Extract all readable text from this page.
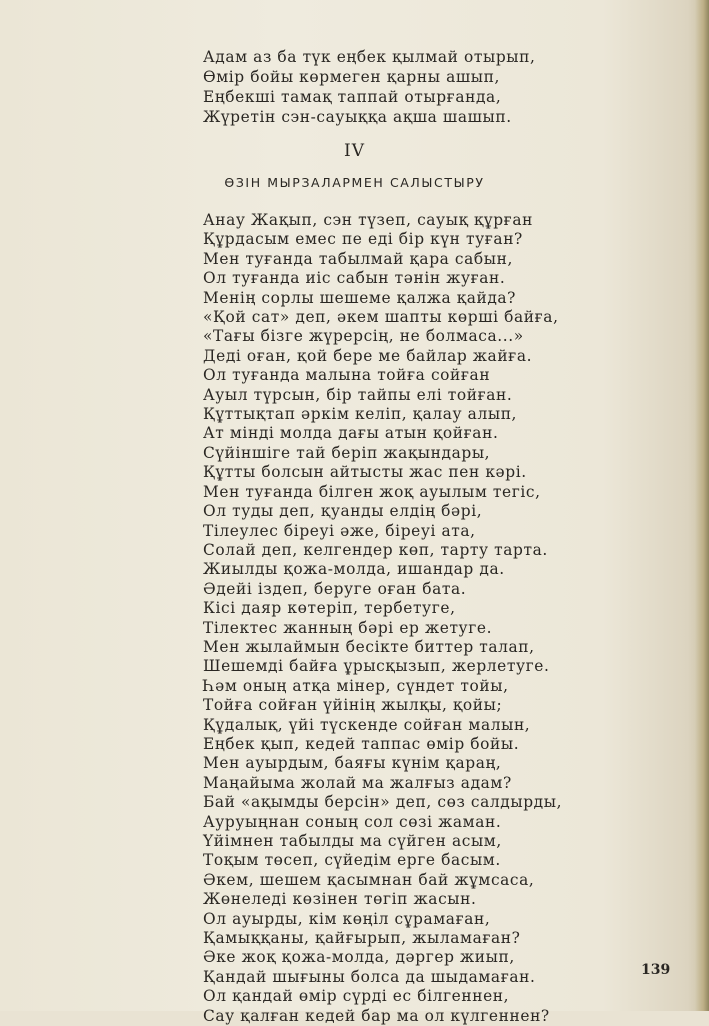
Адам аз ба түк еңбек қылмай отырып,
Өмір бойы көрмеген қарны ашып,
Еңбекші тамақ таппай отырғанда,
Жүретін сэн-сауыққа ақша шашып.
IV
ӨЗІН МЫРЗАЛАРМЕН САЛЫСТЫРУ
Анау Жақып, сэн түзеп, сауық құрған
Құрдасым емес пе еді бір күн туған?
Мен туғанда табылмай қара сабын,
Ол туғанда иіс сабын тәнін жуған.
Менің сорлы шешеме қалжа қайда?
«Қой сат» деп, әкем шапты көрші байға,
«Тағы бізге жүрерсің, не болмаса...»
Деді оған, қой бере ме байлар жайға.
Ол туғанда малына тойға сойған
Ауыл түрсын, бір тайпы елі тойған.
Құттықтап әркім келіп, қалау алып,
Ат мінді молда дағы атын қойған.
Сүйіншіге тай беріп жақындары,
Құтты болсын айтысты жас пен кәрі.
Мен туғанда білген жоқ ауылым тегіс,
Ол туды деп, қуанды елдің бәрі,
Тілеулес біреуі әже, біреуі ата,
Солай деп, келгендер көп, тарту тарта.
Жиылды қожа-молда, ишандар да.
Әдейі іздеп, беруге оған бата.
Кісі даяр көтеріп, тербетуге,
Тілектес жанның бәрі ер жетуге.
Мен жылаймын бесікте биттер талап,
Шешемді байға ұрысқызып, жерлетуге.
Һәм оның атқа мінер, сүндет тойы,
Тойға сойған үйінің жылқы, қойы;
Құдалық, үйі түскенде сойған малын,
Еңбек қып, кедей таппас өмір бойы.
Мен ауырдым, баяғы күнім қараң,
Маңайыма жолай ма жалғыз адам?
Бай «ақымды берсін» деп, сөз салдырды,
Ауруыңнан соның сол сөзі жаман.
Үйімнен табылды ма сүйген асым,
Тоқым төсеп, сүйедім ерге басым.
Әкем, шешем қасымнан бай жұмсаса,
Жөнеледі көзінен төгіп жасын.
Ол ауырды, кім көңіл сұрамаған,
Қамыққаны, қайғырып, жыламаған?
Әке жоқ қожа-молда, дәргер жиып,
Қандай шығыны болса да шыдамаған.
Ол қандай өмір сүрді ес білгеннен,
Сау қалған кедей бар ма ол күлгеннен?
139
